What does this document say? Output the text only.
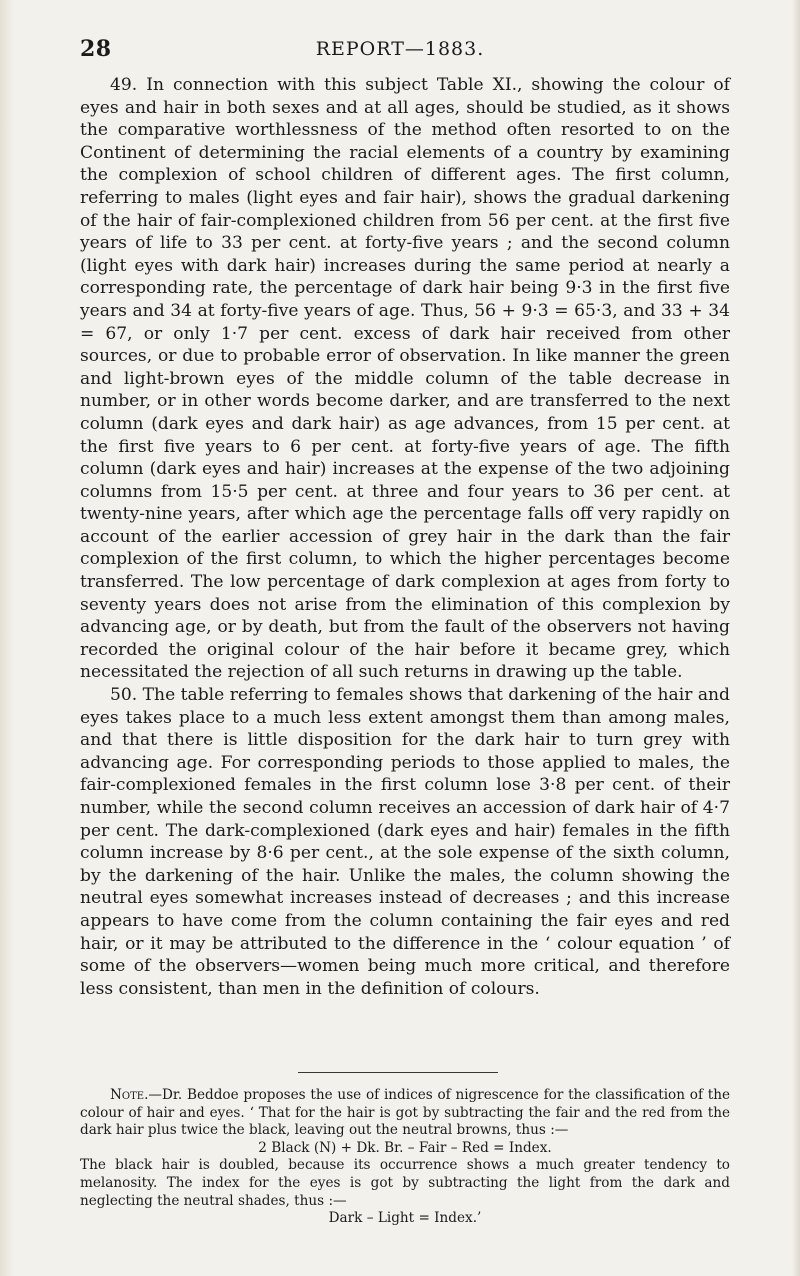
28	REPORT—1883.

49. In connection with this subject Table XI., showing the colour of eyes and hair in both sexes and at all ages, should be studied, as it shows the comparative worthlessness of the method often resorted to on the Continent of determining the racial elements of a country by examining the complexion of school children of different ages. The first column, referring to males (light eyes and fair hair), shows the gradual darkening of the hair of fair-complexioned children from 56 per cent. at the first five years of life to 33 per cent. at forty-five years ; and the second column (light eyes with dark hair) increases during the same period at nearly a corresponding rate, the percentage of dark hair being 9·3 in the first five years and 34 at forty-five years of age. Thus, 56 + 9·3 = 65·3, and 33 + 34 = 67, or only 1·7 per cent. excess of dark hair received from other sources, or due to probable error of observation. In like manner the green and light-brown eyes of the middle column of the table decrease in number, or in other words become darker, and are transferred to the next column (dark eyes and dark hair) as age advances, from 15 per cent. at the first five years to 6 per cent. at forty-five years of age. The fifth column (dark eyes and hair) increases at the expense of the two adjoining columns from 15·5 per cent. at three and four years to 36 per cent. at twenty-nine years, after which age the percentage falls off very rapidly on account of the earlier accession of grey hair in the dark than the fair complexion of the first column, to which the higher percentages become transferred. The low percentage of dark complexion at ages from forty to seventy years does not arise from the elimination of this complexion by advancing age, or by death, but from the fault of the observers not having recorded the original colour of the hair before it became grey, which necessitated the rejection of all such returns in drawing up the table.

50. The table referring to females shows that darkening of the hair and eyes takes place to a much less extent amongst them than among males, and that there is little disposition for the dark hair to turn grey with advancing age. For corresponding periods to those applied to males, the fair-complexioned females in the first column lose 3·8 per cent. of their number, while the second column receives an accession of dark hair of 4·7 per cent. The dark-complexioned (dark eyes and hair) females in the fifth column increase by 8·6 per cent., at the sole expense of the sixth column, by the darkening of the hair. Unlike the males, the column showing the neutral eyes somewhat increases instead of decreases ; and this increase appears to have come from the column containing the fair eyes and red hair, or it may be attributed to the difference in the ‘ colour equation ’ of some of the observers—women being much more critical, and therefore less consistent, than men in the definition of colours.

Note.—Dr. Beddoe proposes the use of indices of nigrescence for the classification of the colour of hair and eyes. ‘ That for the hair is got by subtracting the fair and the red from the dark hair plus twice the black, leaving out the neutral browns, thus :—

2 Black (N) + Dk. Br. – Fair – Red = Index.

The black hair is doubled, because its occurrence shows a much greater tendency to melanosity. The index for the eyes is got by subtracting the light from the dark and neglecting the neutral shades, thus :—

Dark – Light = Index.’
